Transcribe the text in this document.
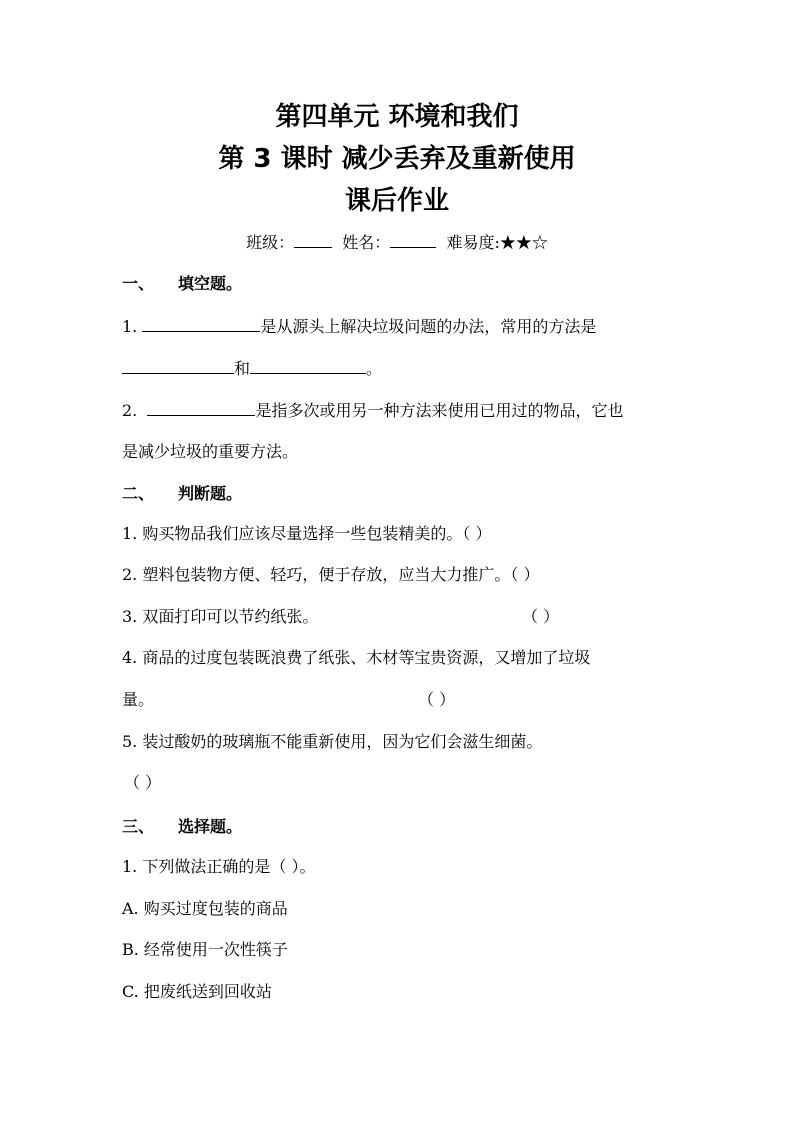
第四单元 环境和我们
第 3 课时 减少丢弃及重新使用
课后作业
班级：	姓名：	难易度:★★☆
一、 填空题。
1.	是从源头上解决垃圾问题的办法，常用的方法是
和	。
2.	是指多次或用另一种方法来使用已用过的物品，它也
是减少垃圾的重要方法。
二、 判断题。
1. 购买物品我们应该尽量选择一些包装精美的。（ ）
2. 塑料包装物方便、轻巧，便于存放，应当大力推广。（ ）
3. 双面打印可以节约纸张。	（ ）
4. 商品的过度包装既浪费了纸张、木材等宝贵资源，又增加了垃圾
量。	（ ）
5. 装过酸奶的玻璃瓶不能重新使用，因为它们会滋生细菌。
（ ）
三、 选择题。
1. 下列做法正确的是（ ）。
A. 购买过度包装的商品
B. 经常使用一次性筷子
C. 把废纸送到回收站
